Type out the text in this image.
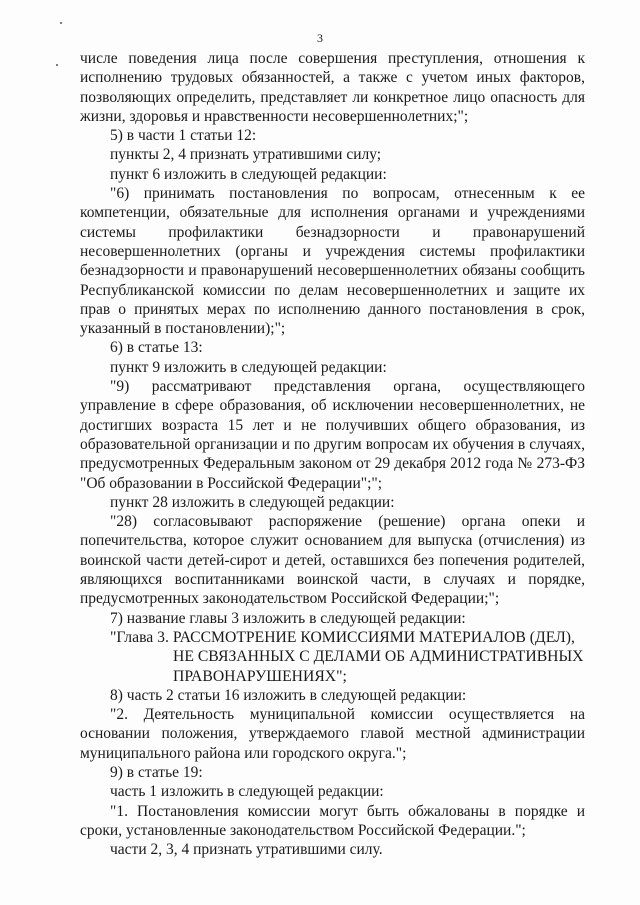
3

числе поведения лица после совершения преступления, отношения к исполнению трудовых обязанностей, а также с учетом иных факторов, позволяющих определить, представляет ли конкретное лицо опасность для жизни, здоровья и нравственности несовершеннолетних;";

5) в части 1 статьи 12:

пункты 2, 4 признать утратившими силу;

пункт 6 изложить в следующей редакции:

"6) принимать постановления по вопросам, отнесенным к ее компетенции, обязательные для исполнения органами и учреждениями системы профилактики безнадзорности и правонарушений несовершеннолетних (органы и учреждения системы профилактики безнадзорности и правонарушений несовершеннолетних обязаны сообщить Республиканской комиссии по делам несовершеннолетних и защите их прав о принятых мерах по исполнению данного постановления в срок, указанный в постановлении);";

6) в статье 13:

пункт 9 изложить в следующей редакции:

"9) рассматривают представления органа, осуществляющего управление в сфере образования, об исключении несовершеннолетних, не достигших возраста 15 лет и не получивших общего образования, из образовательной организации и по другим вопросам их обучения в случаях, предусмотренных Федеральным законом от 29 декабря 2012 года № 273-ФЗ "Об образовании в Российской Федерации";";

пункт 28 изложить в следующей редакции:

"28) согласовывают распоряжение (решение) органа опеки и попечительства, которое служит основанием для выпуска (отчисления) из воинской части детей-сирот и детей, оставшихся без попечения родителей, являющихся воспитанниками воинской части, в случаях и порядке, предусмотренных законодательством Российской Федерации;";

7) название главы 3 изложить в следующей редакции:

"Глава 3. РАССМОТРЕНИЕ КОМИССИЯМИ МАТЕРИАЛОВ (ДЕЛ),
НЕ СВЯЗАННЫХ С ДЕЛАМИ ОБ АДМИНИСТРАТИВНЫХ
ПРАВОНАРУШЕНИЯХ";

8) часть 2 статьи 16 изложить в следующей редакции:

"2. Деятельность муниципальной комиссии осуществляется на основании положения, утверждаемого главой местной администрации муниципального района или городского округа.";

9) в статье 19:

часть 1 изложить в следующей редакции:

"1. Постановления комиссии могут быть обжалованы в порядке и сроки, установленные законодательством Российской Федерации.";

части 2, 3, 4 признать утратившими силу.
